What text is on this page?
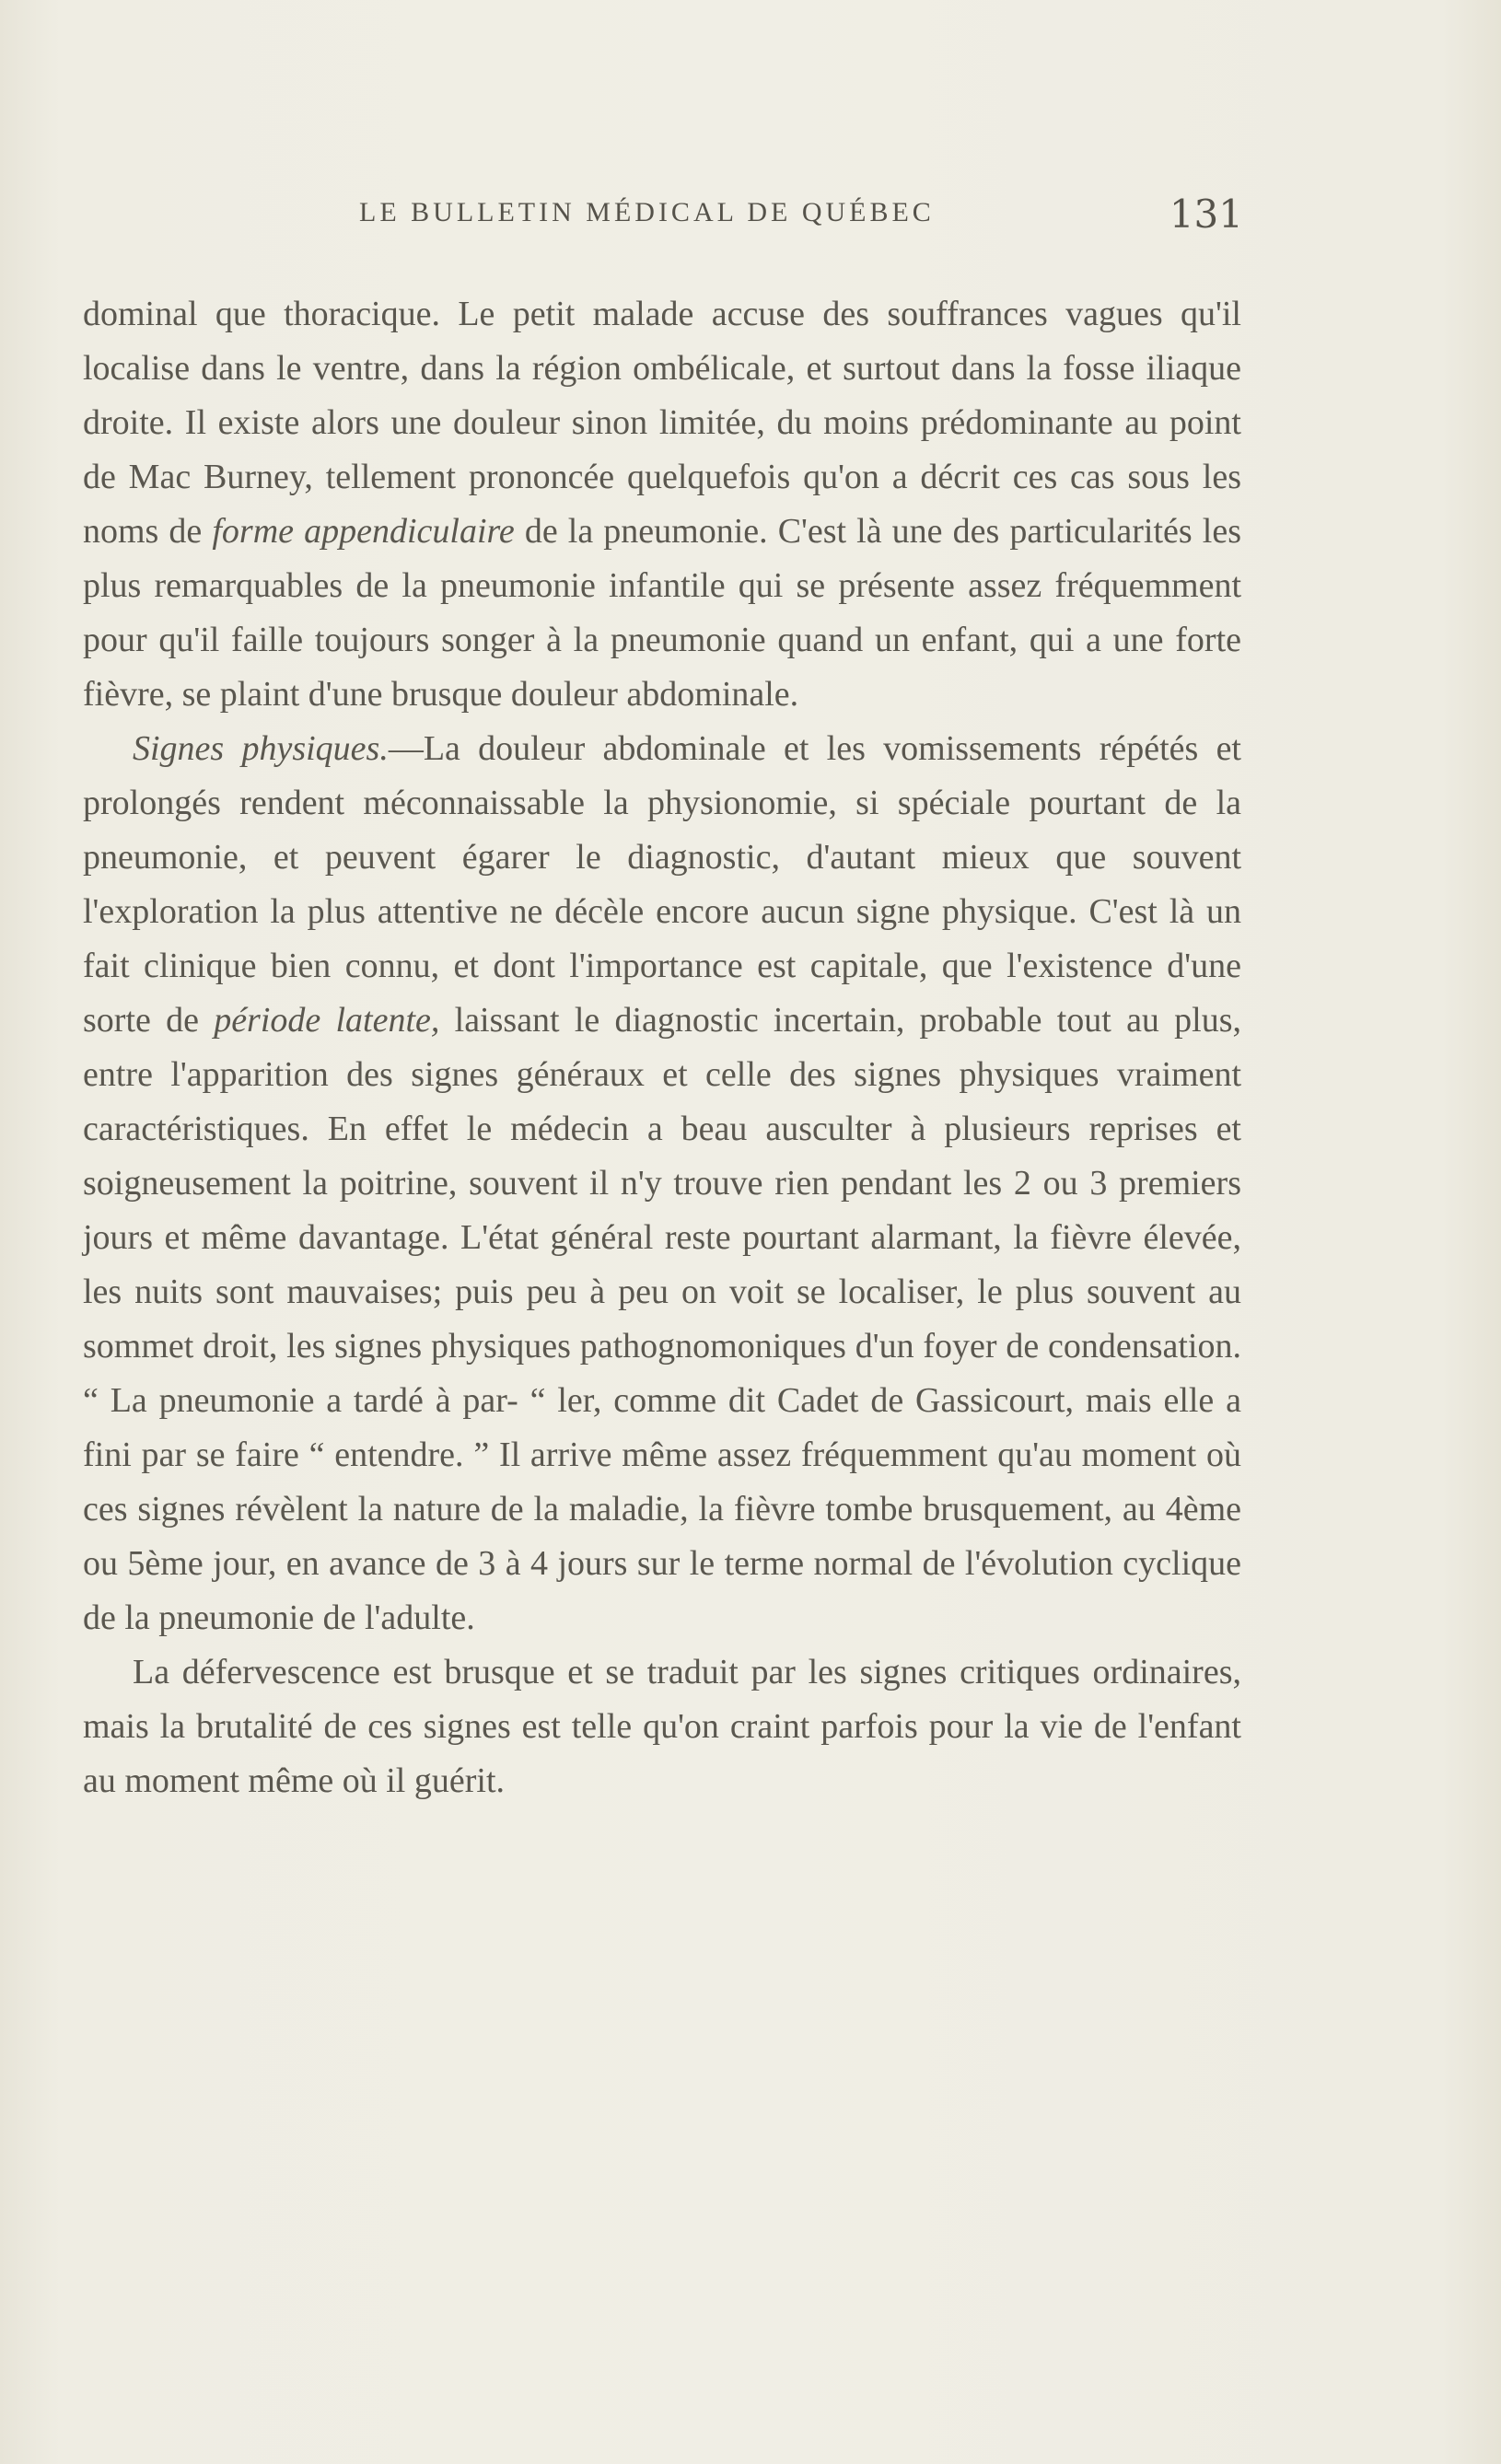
LE BULLETIN MÉDICAL DE QUÉBEC	131

dominal que thoracique. Le petit malade accuse des souffrances vagues qu'il localise dans le ventre, dans la région ombélicale, et surtout dans la fosse iliaque droite. Il existe alors une douleur sinon limitée, du moins prédominante au point de Mac Burney, tellement prononcée quelquefois qu'on a décrit ces cas sous les noms de forme appendiculaire de la pneumonie. C'est là une des particularités les plus remarquables de la pneumonie infantile qui se présente assez fréquemment pour qu'il faille toujours songer à la pneumonie quand un enfant, qui a une forte fièvre, se plaint d'une brusque douleur abdominale.

Signes physiques.—La douleur abdominale et les vomissements répétés et prolongés rendent méconnaissable la physionomie, si spéciale pourtant de la pneumonie, et peuvent égarer le diagnostic, d'autant mieux que souvent l'exploration la plus attentive ne décèle encore aucun signe physique. C'est là un fait clinique bien connu, et dont l'importance est capitale, que l'existence d'une sorte de période latente, laissant le diagnostic incertain, probable tout au plus, entre l'apparition des signes généraux et celle des signes physiques vraiment caractéristiques. En effet le médecin a beau ausculter à plusieurs reprises et soigneusement la poitrine, souvent il n'y trouve rien pendant les 2 ou 3 premiers jours et même davantage. L'état général reste pourtant alarmant, la fièvre élevée, les nuits sont mauvaises; puis peu à peu on voit se localiser, le plus souvent au sommet droit, les signes physiques pathognomoniques d'un foyer de condensation. “ La pneumonie a tardé à par- “ ler, comme dit Cadet de Gassicourt, mais elle a fini par se faire “ entendre. ” Il arrive même assez fréquemment qu'au moment où ces signes révèlent la nature de la maladie, la fièvre tombe brusquement, au 4ème ou 5ème jour, en avance de 3 à 4 jours sur le terme normal de l'évolution cyclique de la pneumonie de l'adulte.

La défervescence est brusque et se traduit par les signes critiques ordinaires, mais la brutalité de ces signes est telle qu'on craint parfois pour la vie de l'enfant au moment même où il guérit.
